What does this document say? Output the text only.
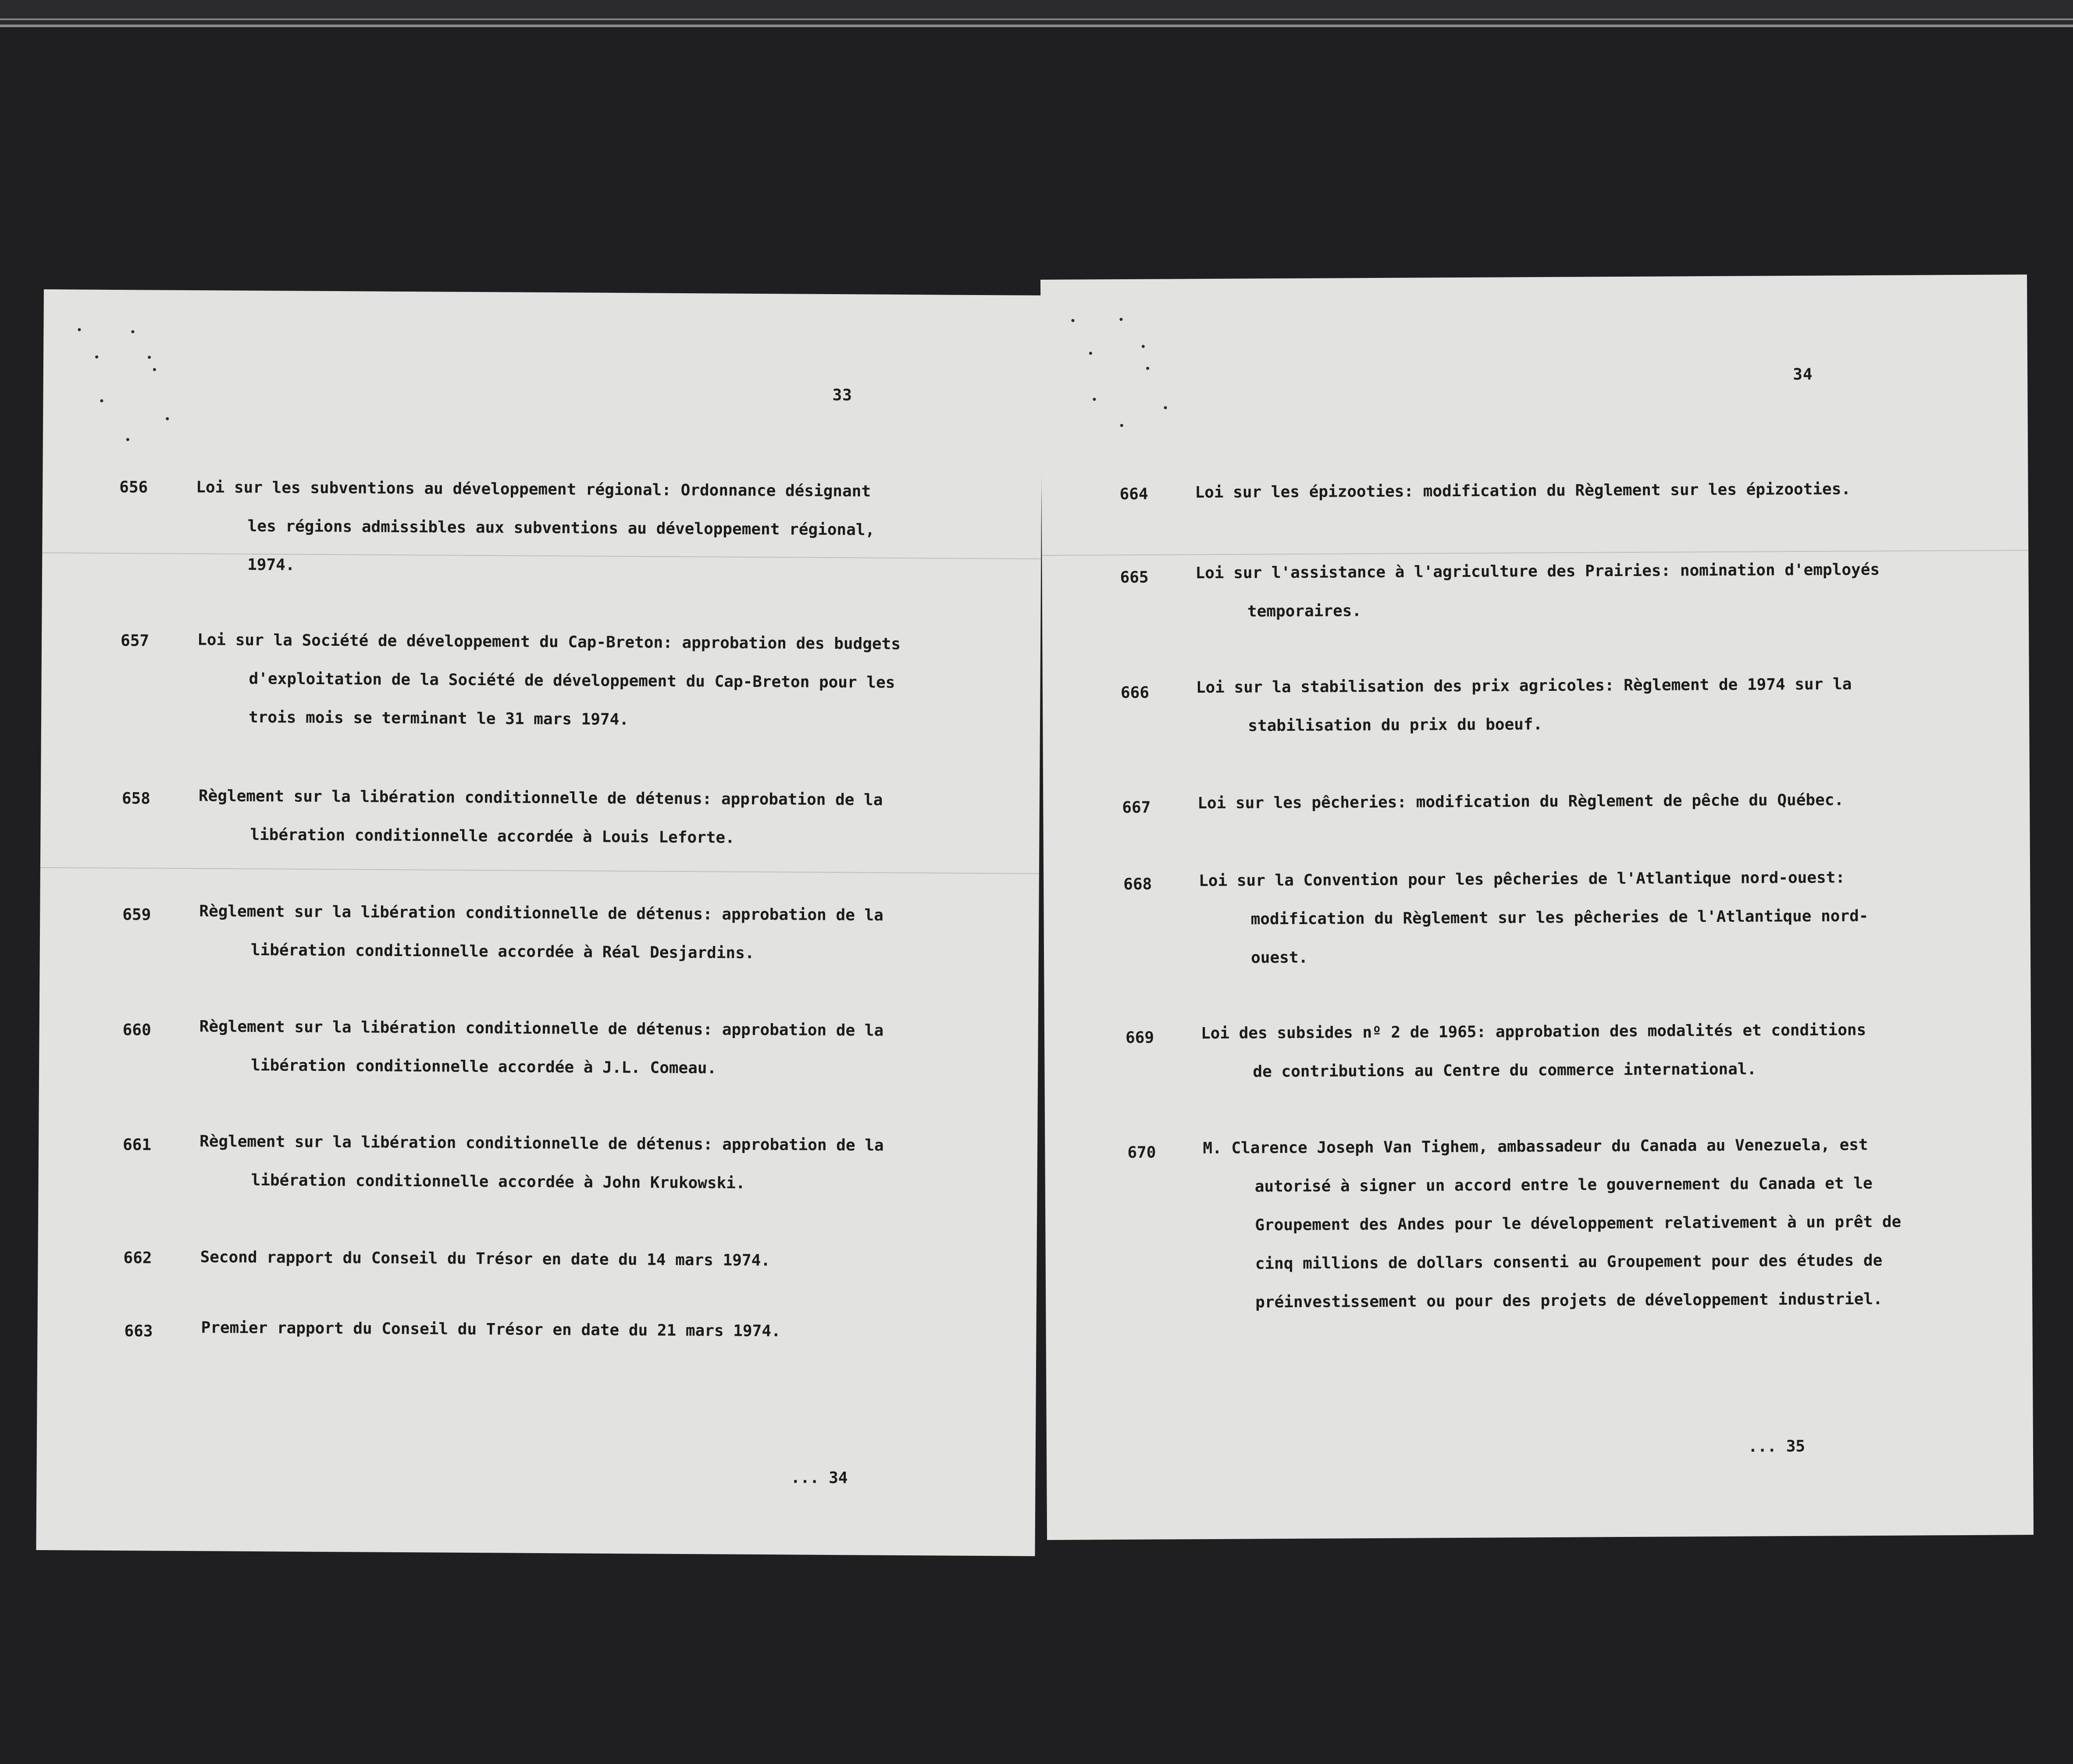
33
656	Loi sur les subventions au développement régional: Ordonnance désignant
les régions admissibles aux subventions au développement régional,
1974.
657	Loi sur la Société de développement du Cap-Breton: approbation des budgets
d'exploitation de la Société de développement du Cap-Breton pour les
trois mois se terminant le 31 mars 1974.
658	Règlement sur la libération conditionnelle de détenus: approbation de la
libération conditionnelle accordée à Louis Leforte.
659	Règlement sur la libération conditionnelle de détenus: approbation de la
libération conditionnelle accordée à Réal Desjardins.
660	Règlement sur la libération conditionnelle de détenus: approbation de la
libération conditionnelle accordée à J.L. Comeau.
661	Règlement sur la libération conditionnelle de détenus: approbation de la
libération conditionnelle accordée à John Krukowski.
662	Second rapport du Conseil du Trésor en date du 14 mars 1974.
663	Premier rapport du Conseil du Trésor en date du 21 mars 1974.
... 34
34
664	Loi sur les épizooties: modification du Règlement sur les épizooties.
665	Loi sur l'assistance à l'agriculture des Prairies: nomination d'employés
temporaires.
666	Loi sur la stabilisation des prix agricoles: Règlement de 1974 sur la
stabilisation du prix du boeuf.
667	Loi sur les pêcheries: modification du Règlement de pêche du Québec.
668	Loi sur la Convention pour les pêcheries de l'Atlantique nord-ouest:
modification du Règlement sur les pêcheries de l'Atlantique nord-
ouest.
669	Loi des subsides nº 2 de 1965: approbation des modalités et conditions
de contributions au Centre du commerce international.
670	M. Clarence Joseph Van Tighem, ambassadeur du Canada au Venezuela, est
autorisé à signer un accord entre le gouvernement du Canada et le
Groupement des Andes pour le développement relativement à un prêt de
cinq millions de dollars consenti au Groupement pour des études de
préinvestissement ou pour des projets de développement industriel.
... 35
